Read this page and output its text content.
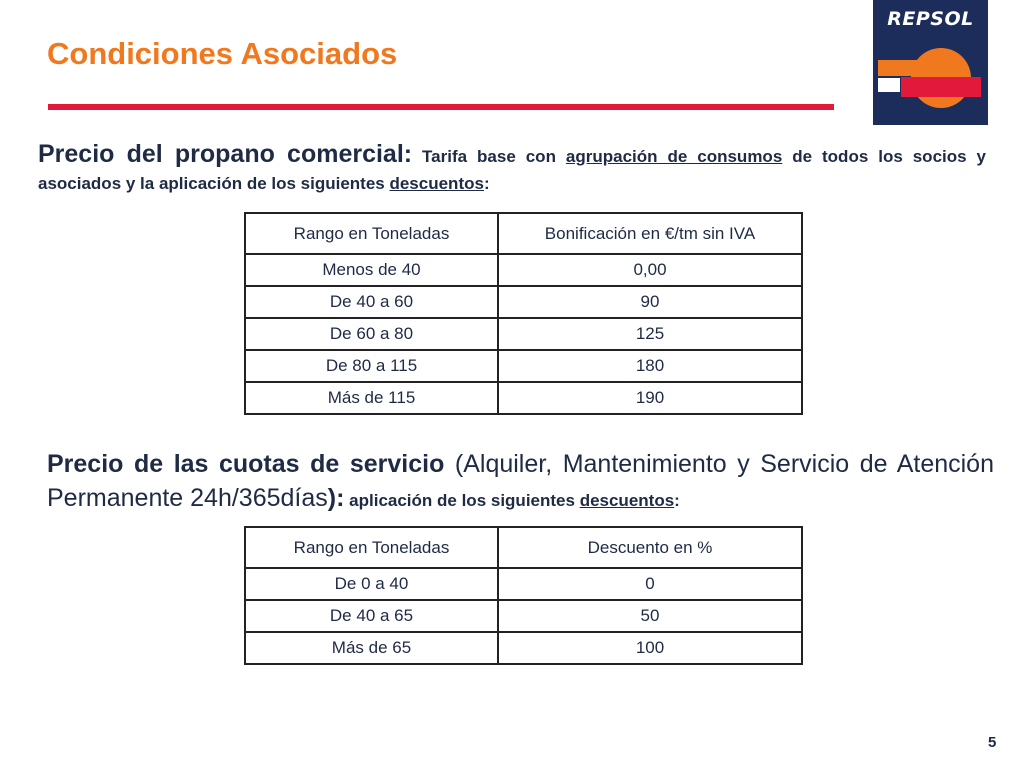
Condiciones Asociados
REPSOL

Precio del propano comercial: Tarifa base con agrupación de consumos de todos los socios y asociados y la aplicación de los siguientes descuentos:

Rango en Toneladas	Bonificación en €/tm sin IVA
Menos de 40	0,00
De 40 a 60	90
De 60 a 80	125
De 80 a 115	180
Más de 115	190

Precio de las cuotas de servicio (Alquiler, Mantenimiento y Servicio de Atención Permanente 24h/365días): aplicación de los siguientes descuentos:

Rango en Toneladas	Descuento en %
De 0 a 40	0
De 40 a 65	50
Más de 65	100
5
